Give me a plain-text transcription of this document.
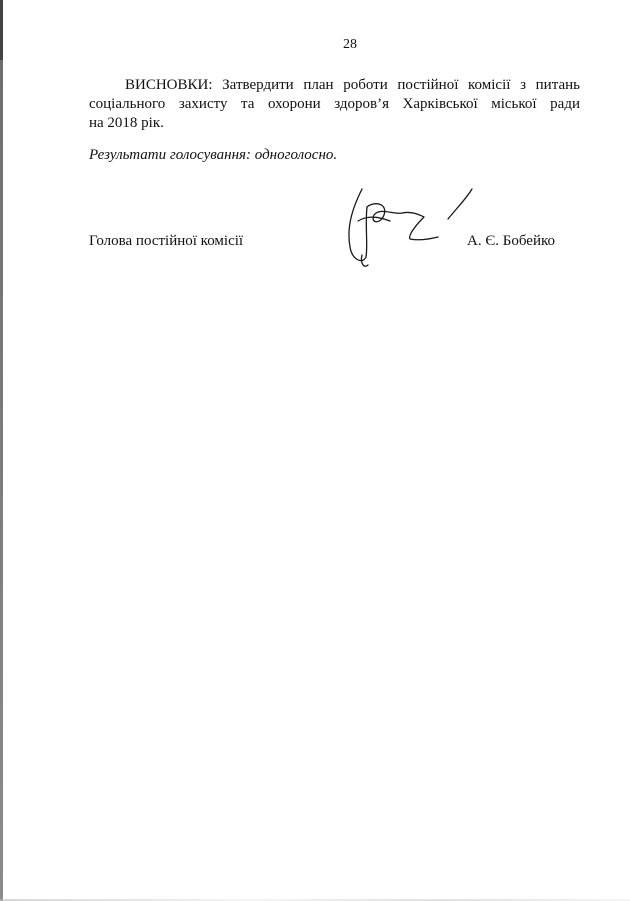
28
ВИСНОВКИ: Затвердити план роботи постійної комісії з питань
соціального захисту та охорони здоров’я Харківської міської ради
на 2018 рік.
Результати голосування: одноголосно.
Голова постійної комісії	А. Є. Бобейко
